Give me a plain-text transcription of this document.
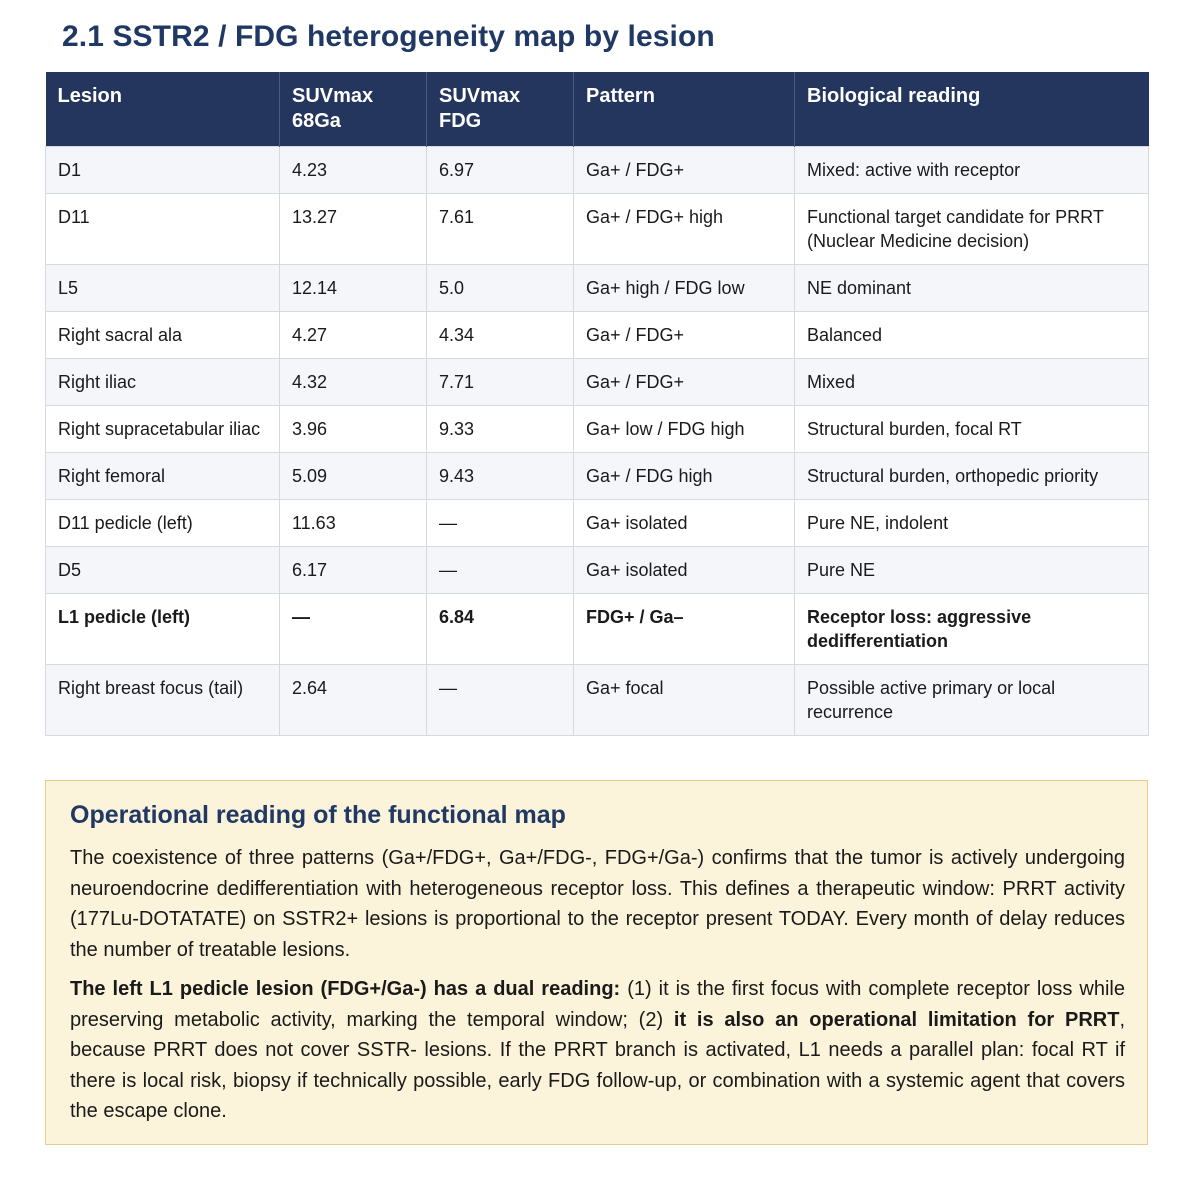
2.1 SSTR2 / FDG heterogeneity map by lesion
Lesion	SUVmax 68Ga	SUVmax FDG	Pattern	Biological reading
D1	4.23	6.97	Ga+ / FDG+	Mixed: active with receptor
D11	13.27	7.61	Ga+ / FDG+ high	Functional target candidate for PRRT (Nuclear Medicine decision)
L5	12.14	5.0	Ga+ high / FDG low	NE dominant
Right sacral ala	4.27	4.34	Ga+ / FDG+	Balanced
Right iliac	4.32	7.71	Ga+ / FDG+	Mixed
Right supracetabular iliac	3.96	9.33	Ga+ low / FDG high	Structural burden, focal RT
Right femoral	5.09	9.43	Ga+ / FDG high	Structural burden, orthopedic priority
D11 pedicle (left)	11.63	—	Ga+ isolated	Pure NE, indolent
D5	6.17	—	Ga+ isolated	Pure NE
L1 pedicle (left)	—	6.84	FDG+ / Ga–	Receptor loss: aggressive dedifferentiation
Right breast focus (tail)	2.64	—	Ga+ focal	Possible active primary or local recurrence
Operational reading of the functional map

The coexistence of three patterns (Ga+/FDG+, Ga+/FDG-, FDG+/Ga-) confirms that the tumor is actively undergoing neuroendocrine dedifferentiation with heterogeneous receptor loss. This defines a therapeutic window: PRRT activity (177Lu-DOTATATE) on SSTR2+ lesions is proportional to the receptor present TODAY. Every month of delay reduces the number of treatable lesions.

The left L1 pedicle lesion (FDG+/Ga-) has a dual reading: (1) it is the first focus with complete receptor loss while preserving metabolic activity, marking the temporal window; (2) it is also an operational limitation for PRRT, because PRRT does not cover SSTR- lesions. If the PRRT branch is activated, L1 needs a parallel plan: focal RT if there is local risk, biopsy if technically possible, early FDG follow-up, or combination with a systemic agent that covers the escape clone.
